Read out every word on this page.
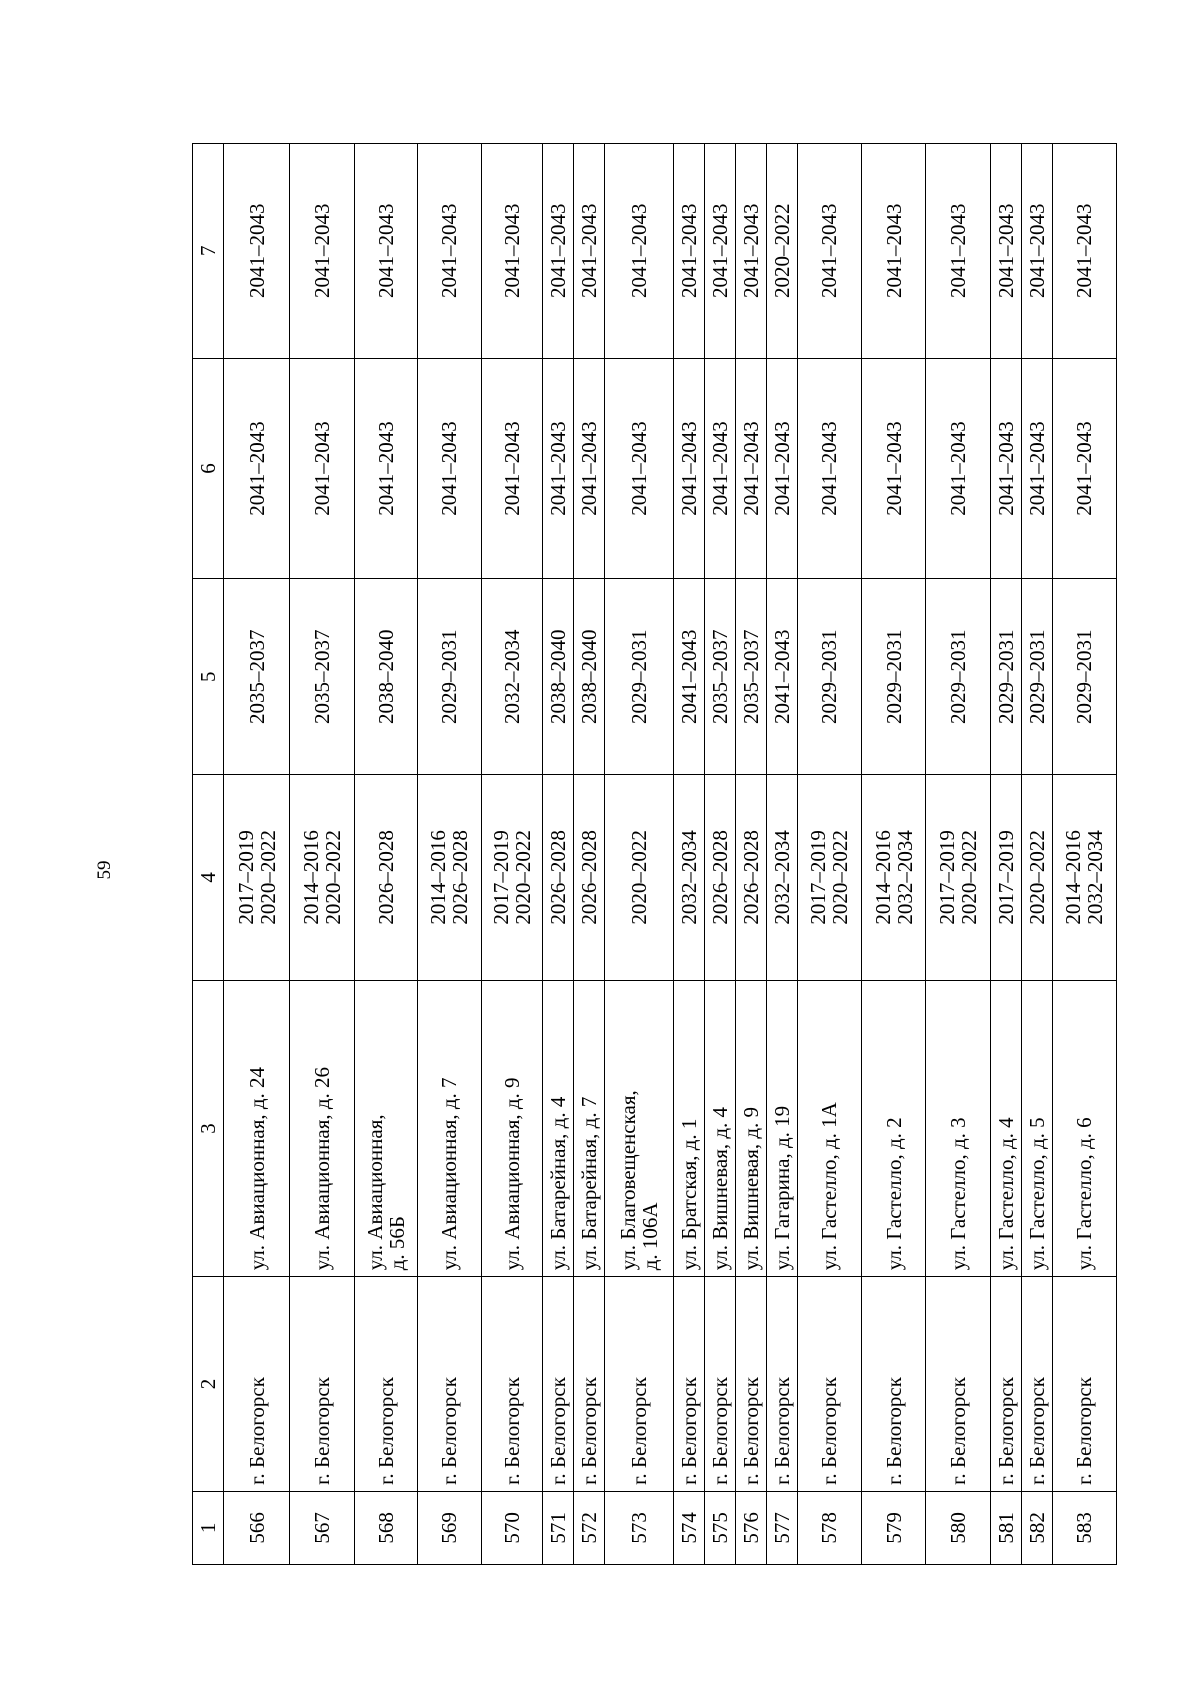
59
1	2	3	4	5	6	7
566	г. Белогорск	ул. Авиационная, д. 24	2017–2019
2020–2022	2035–2037	2041–2043	2041–2043
567	г. Белогорск	ул. Авиационная, д. 26	2014–2016
2020–2022	2035–2037	2041–2043	2041–2043
568	г. Белогорск	ул. Авиационная,
д. 56Б	2026–2028	2038–2040	2041–2043	2041–2043
569	г. Белогорск	ул. Авиационная, д. 7	2014–2016
2026–2028	2029–2031	2041–2043	2041–2043
570	г. Белогорск	ул. Авиационная, д. 9	2017–2019
2020–2022	2032–2034	2041–2043	2041–2043
571	г. Белогорск	ул. Батарейная, д. 4	2026–2028	2038–2040	2041–2043	2041–2043
572	г. Белогорск	ул. Батарейная, д. 7	2026–2028	2038–2040	2041–2043	2041–2043
573	г. Белогорск	ул. Благовещенская,
д. 106А	2020–2022	2029–2031	2041–2043	2041–2043
574	г. Белогорск	ул. Братская, д. 1	2032–2034	2041–2043	2041–2043	2041–2043
575	г. Белогорск	ул. Вишневая, д. 4	2026–2028	2035–2037	2041–2043	2041–2043
576	г. Белогорск	ул. Вишневая, д. 9	2026–2028	2035–2037	2041–2043	2041–2043
577	г. Белогорск	ул. Гагарина, д. 19	2032–2034	2041–2043	2041–2043	2020–2022
578	г. Белогорск	ул. Гастелло, д. 1А	2017–2019
2020–2022	2029–2031	2041–2043	2041–2043
579	г. Белогорск	ул. Гастелло, д. 2	2014–2016
2032–2034	2029–2031	2041–2043	2041–2043
580	г. Белогорск	ул. Гастелло, д. 3	2017–2019
2020–2022	2029–2031	2041–2043	2041–2043
581	г. Белогорск	ул. Гастелло, д. 4	2017–2019	2029–2031	2041–2043	2041–2043
582	г. Белогорск	ул. Гастелло, д. 5	2020–2022	2029–2031	2041–2043	2041–2043
583	г. Белогорск	ул. Гастелло, д. 6	2014–2016
2032–2034	2029–2031	2041–2043	2041–2043
